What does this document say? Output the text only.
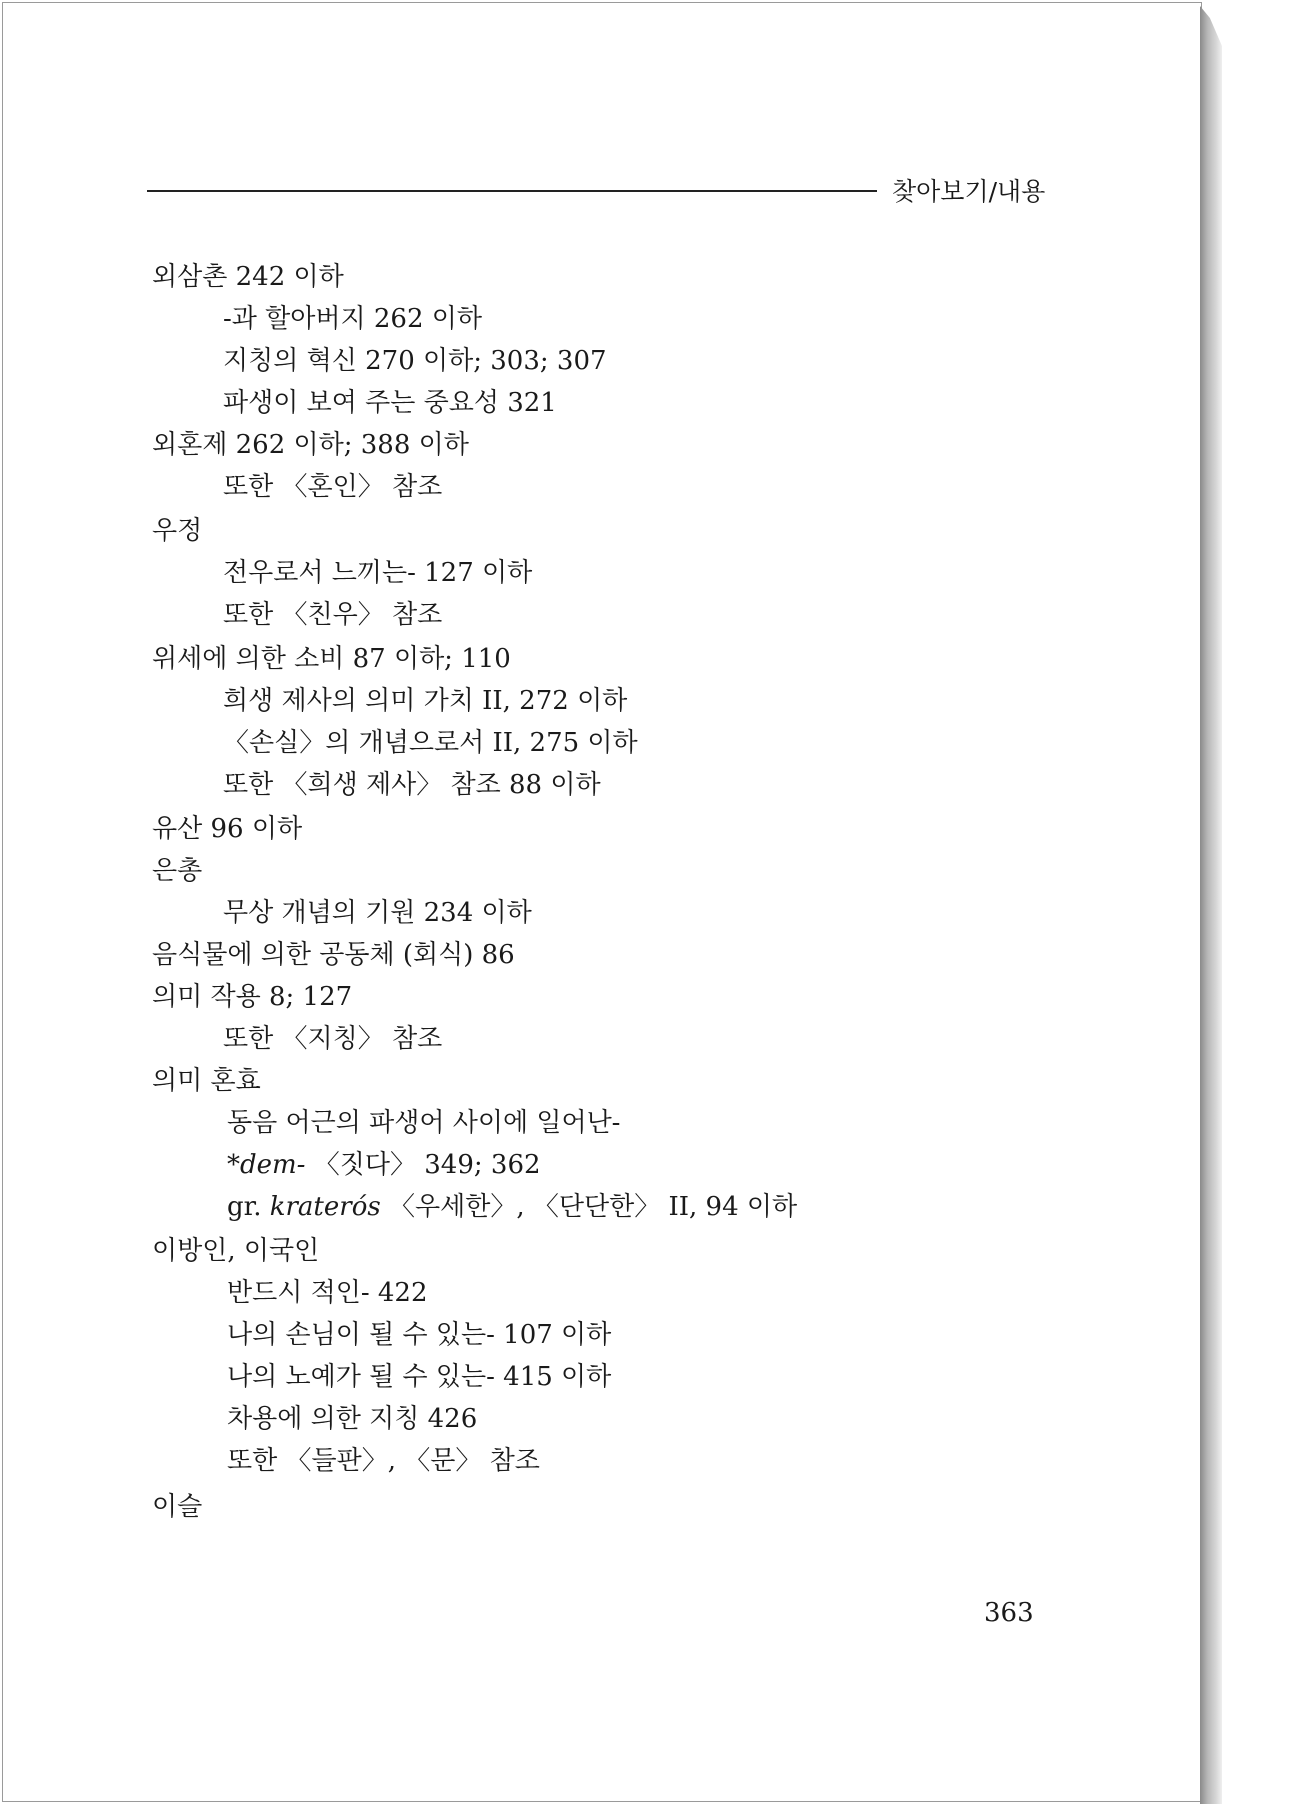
찾아보기/내용
외삼촌 242 이하
-과 할아버지 262 이하
지칭의 혁신 270 이하; 303; 307
파생이 보여 주는 중요성 321
외혼제 262 이하; 388 이하
또한 〈혼인〉 참조
우정
전우로서 느끼는- 127 이하
또한 〈친우〉 참조
위세에 의한 소비 87 이하; 110
희생 제사의 의미 가치 II, 272 이하
〈손실〉의 개념으로서 II, 275 이하
또한 〈희생 제사〉 참조 88 이하
유산 96 이하
은총
무상 개념의 기원 234 이하
음식물에 의한 공동체 (회식) 86
의미 작용 8; 127
또한 〈지칭〉 참조
의미 혼효
동음 어근의 파생어 사이에 일어난-
*dem- 〈짓다〉 349; 362
gr. kraterós 〈우세한〉, 〈단단한〉 II, 94 이하
이방인, 이국인
반드시 적인- 422
나의 손님이 될 수 있는- 107 이하
나의 노예가 될 수 있는- 415 이하
차용에 의한 지칭 426
또한 〈들판〉, 〈문〉 참조
이슬
363
